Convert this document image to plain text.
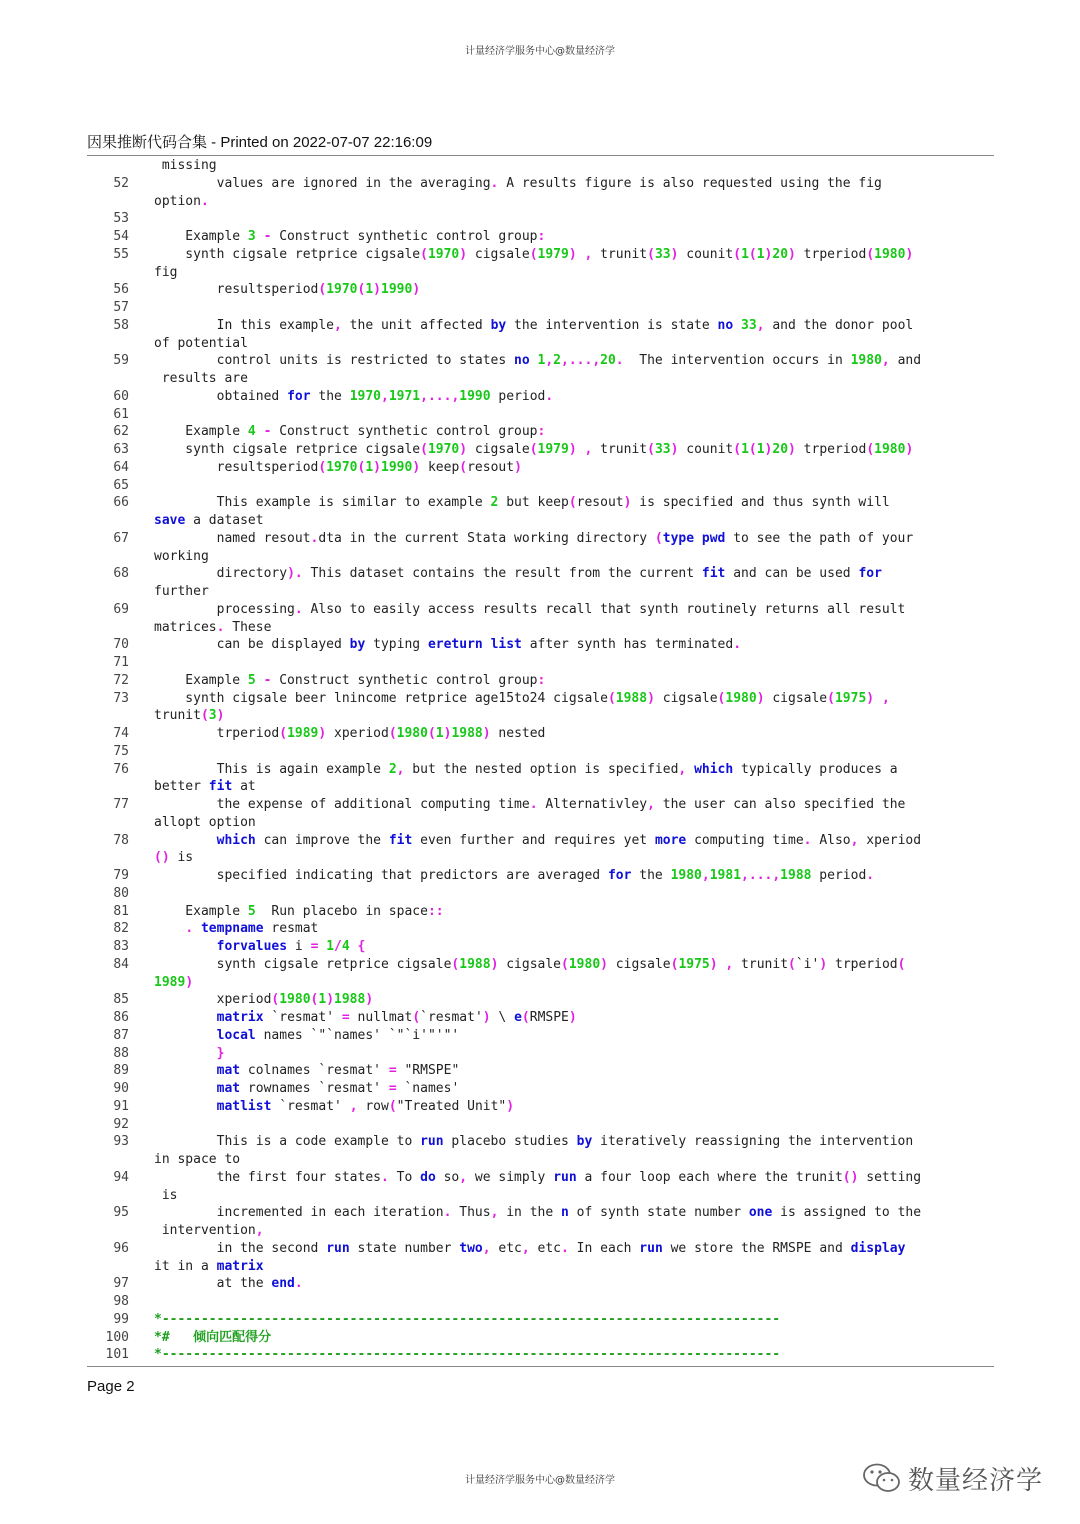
计量经济学服务中心@数量经济学
因果推断代码合集 - Printed on 2022-07-07 22:16:09
missing
52 values are ignored in the averaging. A results figure is also requested using the fig
option.
53
54 Example 3 - Construct synthetic control group:
55 synth cigsale retprice cigsale(1970) cigsale(1979) , trunit(33) counit(1(1)20) trperiod(1980)
fig
56 resultsperiod(1970(1)1990)
57
58 In this example, the unit affected by the intervention is state no 33, and the donor pool
of potential
59 control units is restricted to states no 1,2,...,20.  The intervention occurs in 1980, and
results are
60 obtained for the 1970,1971,...,1990 period.
61
62 Example 4 - Construct synthetic control group:
63 synth cigsale retprice cigsale(1970) cigsale(1979) , trunit(33) counit(1(1)20) trperiod(1980)
64 resultsperiod(1970(1)1990) keep(resout)
65
66 This example is similar to example 2 but keep(resout) is specified and thus synth will
save a dataset
67 named resout.dta in the current Stata working directory (type pwd to see the path of your
working
68 directory). This dataset contains the result from the current fit and can be used for
further
69 processing. Also to easily access results recall that synth routinely returns all result
matrices. These
70 can be displayed by typing ereturn list after synth has terminated.
71
72 Example 5 - Construct synthetic control group:
73 synth cigsale beer lnincome retprice age15to24 cigsale(1988) cigsale(1980) cigsale(1975) ,
trunit(3)
74 trperiod(1989) xperiod(1980(1)1988) nested
75
76 This is again example 2, but the nested option is specified, which typically produces a
better fit at
77 the expense of additional computing time. Alternativley, the user can also specified the
allopt option
78	which can improve the fit even further and requires yet more computing time. Also, xperiod
() is
79 specified indicating that predictors are averaged for the 1980,1981,...,1988 period.
80
81 Example 5  Run placebo in space::
82	. tempname resmat
83	forvalues i = 1/4 {
84 synth cigsale retprice cigsale(1988) cigsale(1980) cigsale(1975) , trunit(`i') trperiod(
1989)
85 xperiod(1980(1)1988)
86	matrix `resmat' = nullmat(`resmat') \ e(RMSPE)
87	local names `"`names' `"`i'"'"'
88	}
89	mat colnames `resmat' = "RMSPE"
90	mat rownames `resmat' = `names'
91	matlist `resmat' , row("Treated Unit")
92
93 This is a code example to run placebo studies by iteratively reassigning the intervention
in space to
94 the first four states. To do so, we simply run a four loop each where the trunit() setting
is
95 incremented in each iteration. Thus, in the n of synth state number one is assigned to the
intervention,
96 in the second run state number two, etc, etc. In each run we store the RMSPE and display
it in a matrix
97 at the end.
98
99 *-------------------------------------------------------------------------------
100 *#   倾向匹配得分
101 *-------------------------------------------------------------------------------
Page 2
计量经济学服务中心@数量经济学	数量经济学
